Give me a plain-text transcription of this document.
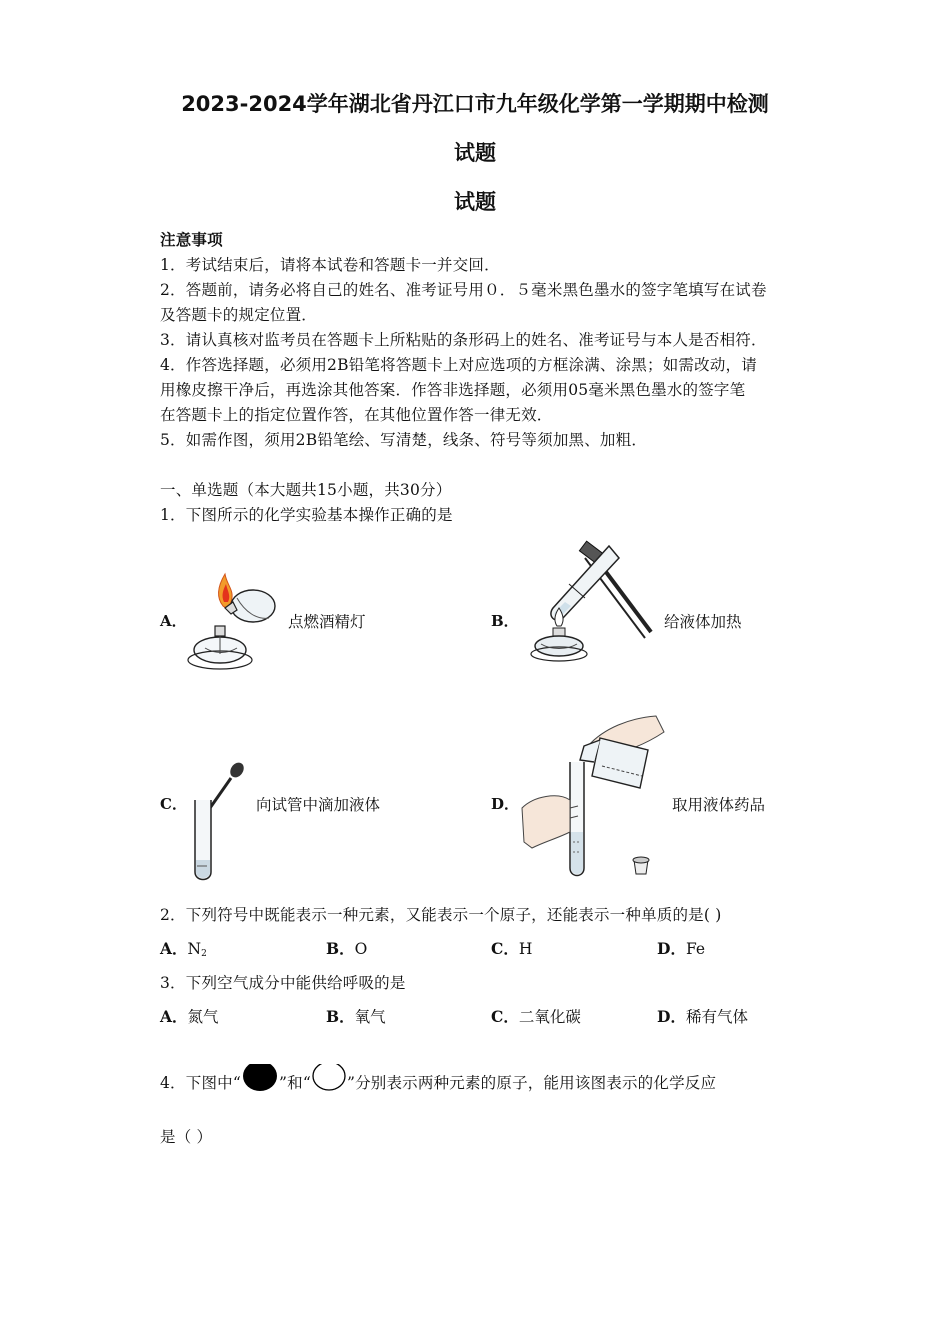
2023-2024学年湖北省丹江口市九年级化学第一学期期中检测
试题
试题
注意事项
1．考试结束后，请将本试卷和答题卡一并交回．
2．答题前，请务必将自己的姓名、准考证号用０．５毫米黑色墨水的签字笔填写在试卷
及答题卡的规定位置．
3．请认真核对监考员在答题卡上所粘贴的条形码上的姓名、准考证号与本人是否相符．
4．作答选择题，必须用2B铅笔将答题卡上对应选项的方框涂满、涂黑；如需改动，请
用橡皮擦干净后，再选涂其他答案．作答非选择题，必须用05毫米黑色墨水的签字笔
在答题卡上的指定位置作答，在其他位置作答一律无效．
5．如需作图，须用2B铅笔绘、写清楚，线条、符号等须加黑、加粗．
一、单选题（本大题共15小题，共30分）
1．下图所示的化学实验基本操作正确的是
A．	点燃酒精灯	B．	给液体加热
C．	向试管中滴加液体	D．	取用液体药品
2．下列符号中既能表示一种元素，又能表示一个原子，还能表示一种单质的是( )
A．$N_2$	B．O	C．H	D．Fe
3．下列空气成分中能供给呼吸的是
A．氮气	B．氧气	C．二氧化碳	D．稀有气体
4．下图中“ ”和“ ”分别表示两种元素的原子，能用该图表示的化学反应
是（ ）
